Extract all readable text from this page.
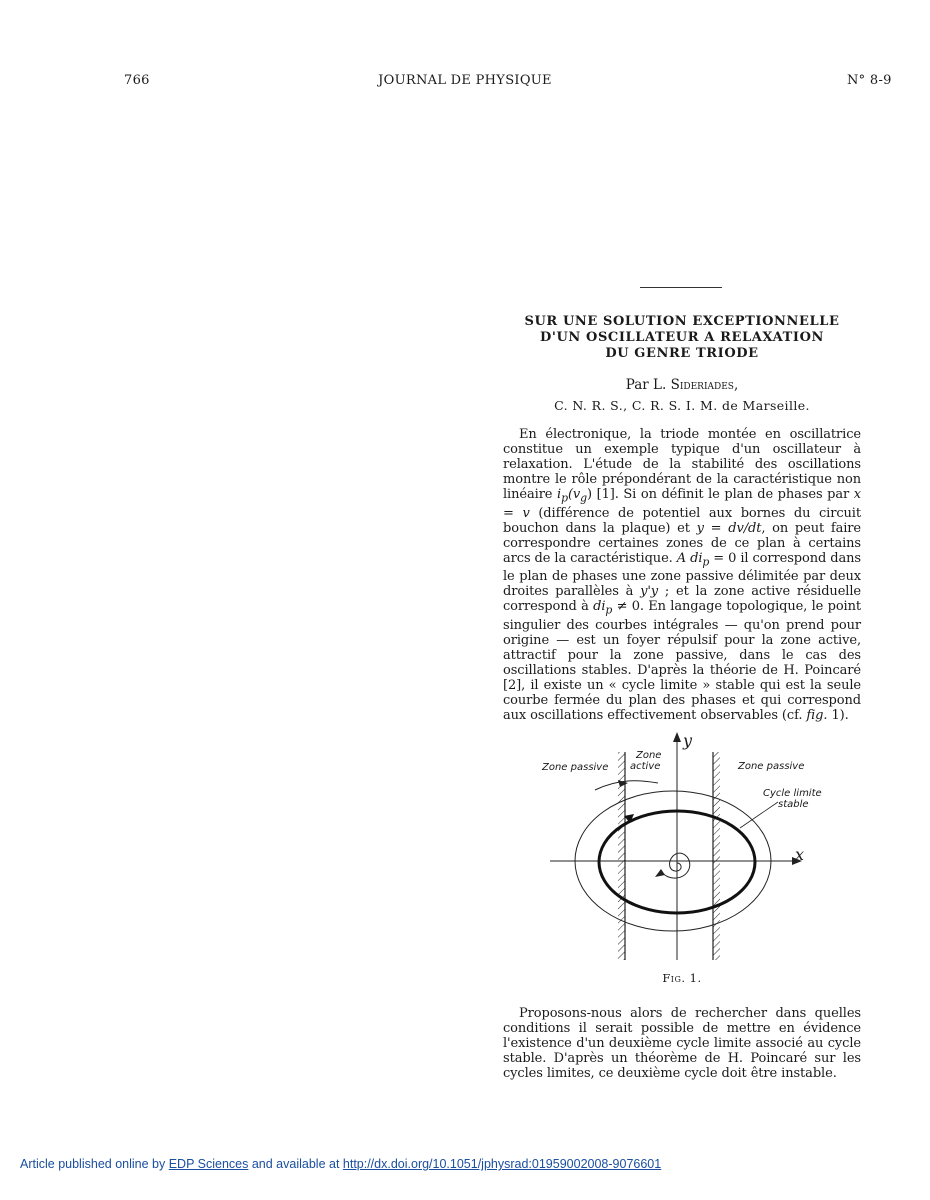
766	JOURNAL DE PHYSIQUE	N° 8-9
SUR UNE SOLUTION EXCEPTIONNELLE
D'UN OSCILLATEUR A RELAXATION
DU GENRE TRIODE
Par L. Sideriades,
C. N. R. S., C. R. S. I. M. de Marseille.
En électronique, la triode montée en oscillatrice constitue un exemple typique d'un oscillateur à relaxation. L'étude de la stabilité des oscillations montre le rôle prépondérant de la caractéristique non linéaire $i_p(v_g)$ [1]. Si on définit le plan de phases par x = v (différence de potentiel aux bornes du circuit bouchon dans la plaque) et y = dv/dt, on peut faire correspondre certaines zones de ce plan à certains arcs de la caractéristique. A $di_p = 0$ il correspond dans le plan de phases une zone passive délimitée par deux droites parallèles à y'y ; et la zone active résiduelle correspond à $di_p \ne 0$. En langage topologique, le point singulier des courbes intégrales — qu'on prend pour origine — est un foyer répulsif pour la zone active, attractif pour la zone passive, dans le cas des oscillations stables. D'après la théorie de H. Poincaré [2], il existe un « cycle limite » stable qui est la seule courbe fermée du plan des phases et qui correspond aux oscillations effectivement observables (cf. fig. 1).
Zone passive
Zone
active	Zone passive
Cycle limite
stable
y
x
Fig. 1.
Proposons-nous alors de rechercher dans quelles conditions il serait possible de mettre en évidence l'existence d'un deuxième cycle limite associé au cycle stable. D'après un théorème de H. Poincaré sur les cycles limites, ce deuxième cycle doit être instable.
Article published online by EDP Sciences and available at http://dx.doi.org/10.1051/jphysrad:01959002008-9076601
